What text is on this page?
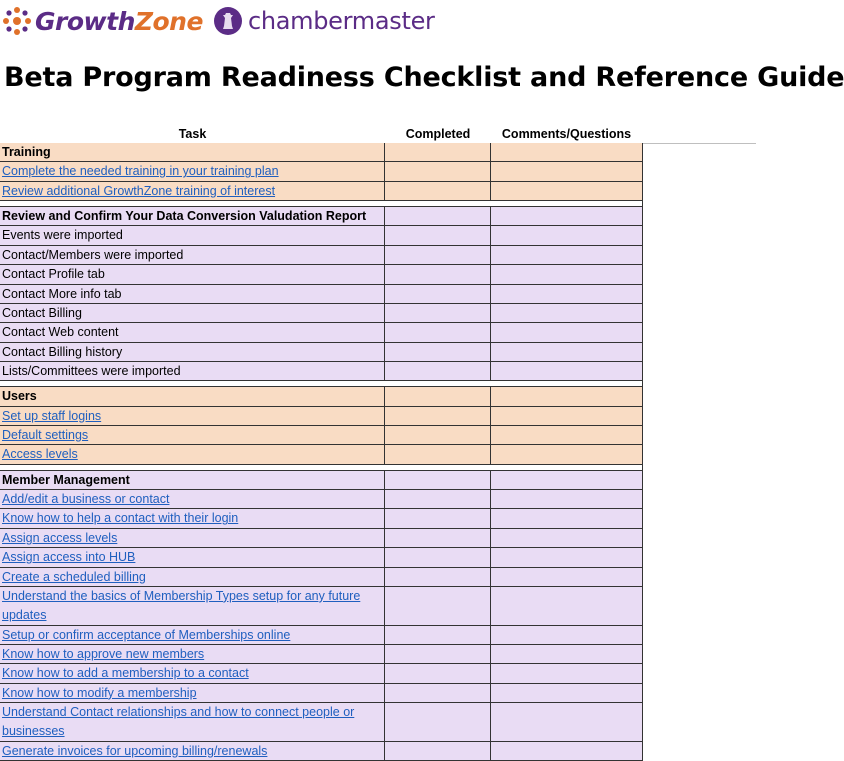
GrowthZone chambermaster
Beta Program Readiness Checklist and Reference Guide
Task	Completed	Comments/Questions
Training
Complete the needed training in your training plan
Review additional GrowthZone training of interest
Review and Confirm Your Data Conversion Valudation Report
Events were imported
Contact/Members were imported
Contact Profile tab
Contact More info tab
Contact Billing
Contact Web content
Contact Billing history
Lists/Committees were imported
Users
Set up staff logins
Default settings
Access levels
Member Management
Add/edit a business or contact
Know how to help a contact with their login
Assign access levels
Assign access into HUB
Create a scheduled billing
Understand the basics of Membership Types setup for any future updates
Setup or confirm acceptance of Memberships online
Know how to approve new members
Know how to add a membership to a contact
Know how to modify a membership
Understand Contact relationships and how to connect people or businesses
Generate invoices for upcoming billing/renewals
